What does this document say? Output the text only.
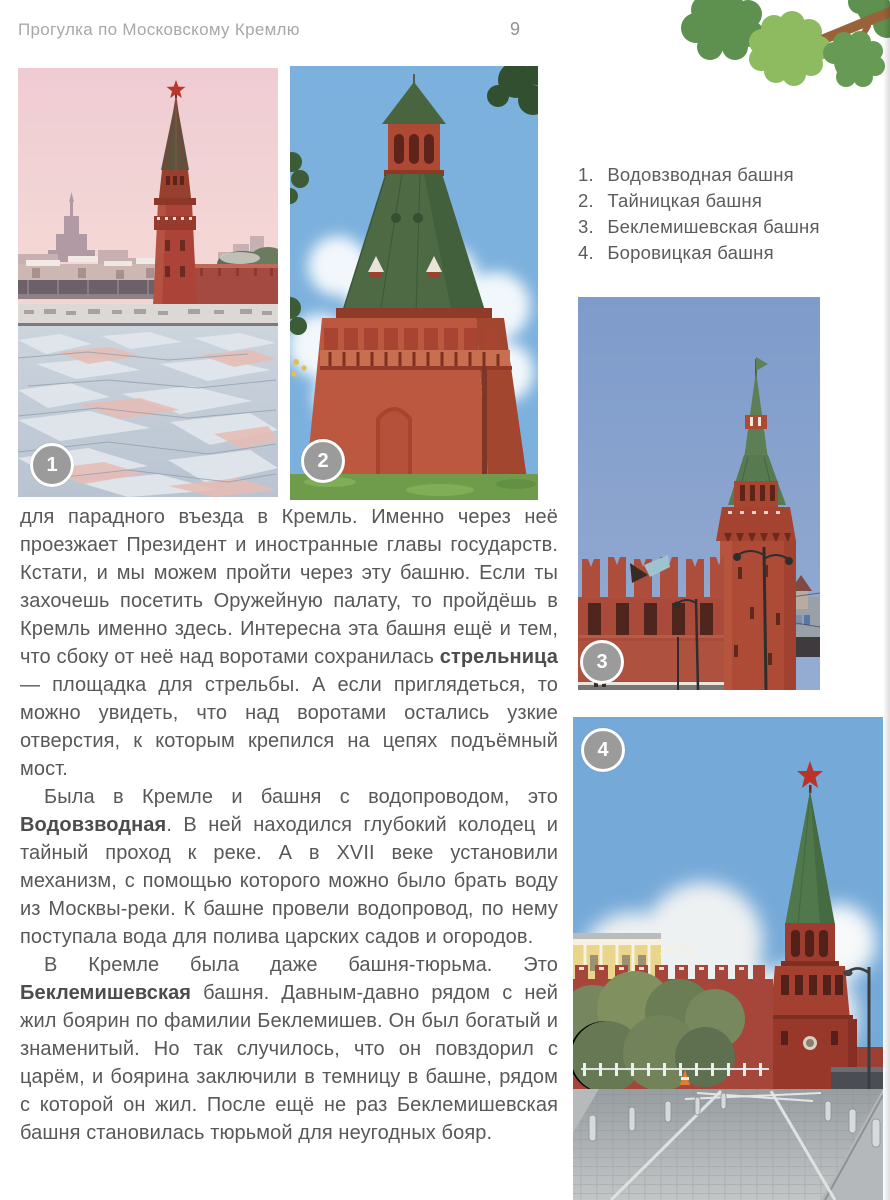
Прогулка по Московскому Кремлю	9
1. Водовзводная башня
2. Тайницкая башня
3. Беклемишевская башня
4. Боровицкая башня
1	2
3
4

для парадного въезда в Кремль. Именно через неё проезжает Президент и иностранные главы государств. Кстати, и мы можем пройти через эту башню. Если ты захочешь посетить Оружейную палату, то пройдёшь в Кремль именно здесь. Интересна эта башня ещё и тем, что сбоку от неё над воротами сохранилась стрельница — площадка для стрельбы. А если приглядеться, то можно увидеть, что над воротами остались узкие отверстия, к которым крепился на цепях подъёмный мост.

Была в Кремле и башня с водопроводом, это Водовзводная. В ней находился глубокий колодец и тайный проход к реке. А в XVII веке установили механизм, с помощью которого можно было брать воду из Москвы-реки. К башне провели водопровод, по нему поступала вода для полива царских садов и огородов.

В Кремле была даже башня-тюрьма. Это Беклемишевская башня. Давным-давно рядом с ней жил боярин по фамилии Беклемишев. Он был богатый и знаменитый. Но так случилось, что он повздорил с царём, и боярина заключили в темницу в башне, рядом с которой он жил. После ещё не раз Беклемишевская башня становилась тюрьмой для неугодных бояр.
